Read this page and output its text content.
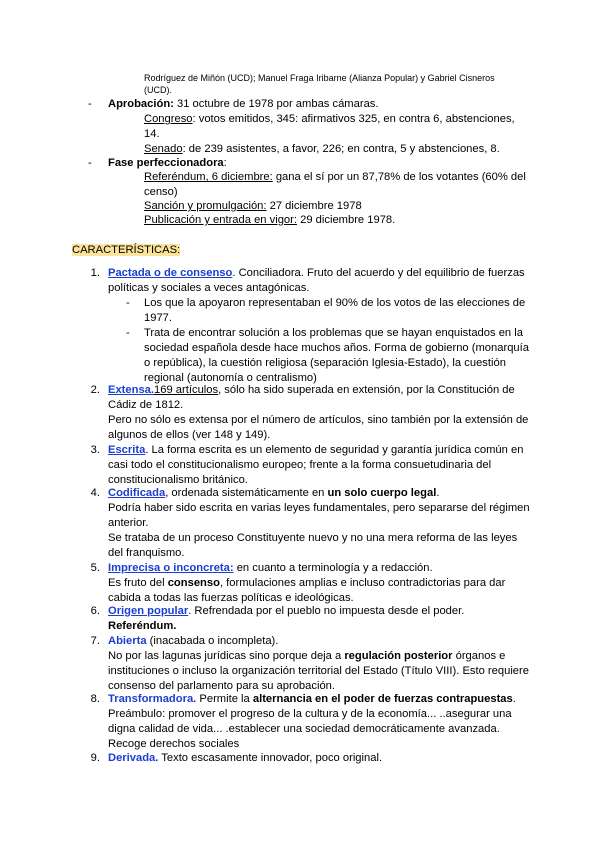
Rodríguez de Miñón (UCD); Manuel Fraga Iribarne (Alianza Popular) y Gabriel Cisneros
(UCD).
- Aprobación: 31 octubre de 1978 por ambas cámaras.
Congreso: votos emitidos, 345: afirmativos 325, en contra 6, abstenciones,
14.
Senado: de 239 asistentes, a favor, 226; en contra, 5 y abstenciones, 8.
- Fase perfeccionadora:
Referéndum, 6 diciembre: gana el sí por un 87,78% de los votantes (60% del
censo)
Sanción y promulgación: 27 diciembre 1978
Publicación y entrada en vigor: 29 diciembre 1978.
CARACTERÍSTICAS:
1. Pactada o de consenso. Conciliadora. Fruto del acuerdo y del equilibrio de fuerzas
políticas y sociales a veces antagónicas.
- Los que la apoyaron representaban el 90% de los votos de las elecciones de
1977.
- Trata de encontrar solución a los problemas que se hayan enquistados en la
sociedad española desde hace muchos años. Forma de gobierno (monarquía
o república), la cuestión religiosa (separación Iglesia-Estado), la cuestión
regional (autonomía o centralismo)
2. Extensa.169 artículos, sólo ha sido superada en extensión, por la Constitución de
Cádiz de 1812.
Pero no sólo es extensa por el número de artículos, sino también por la extensión de
algunos de ellos (ver 148 y 149).
3. Escrita. La forma escrita es un elemento de seguridad y garantía jurídica común en
casi todo el constitucionalismo europeo; frente a la forma consuetudinaria del
constitucionalismo británico.
4. Codificada, ordenada sistemáticamente en un solo cuerpo legal.
Podría haber sido escrita en varias leyes fundamentales, pero separarse del régimen
anterior.
Se trataba de un proceso Constituyente nuevo y no una mera reforma de las leyes
del franquismo.
5. Imprecisa o inconcreta: en cuanto a terminología y a redacción.
Es fruto del consenso, formulaciones amplias e incluso contradictorias para dar
cabida a todas las fuerzas políticas e ideológicas.
6. Origen popular. Refrendada por el pueblo no impuesta desde el poder.
Referéndum.
7. Abierta (inacabada o incompleta).
No por las lagunas jurídicas sino porque deja a regulación posterior órganos e
instituciones o incluso la organización territorial del Estado (Título VIII). Esto requiere
consenso del parlamento para su aprobación.
8. Transformadora. Permite la alternancia en el poder de fuerzas contrapuestas.
Preámbulo: promover el progreso de la cultura y de la economía... ..asegurar una
digna calidad de vida... .establecer una sociedad democráticamente avanzada.
Recoge derechos sociales
9. Derivada. Texto escasamente innovador, poco original.
